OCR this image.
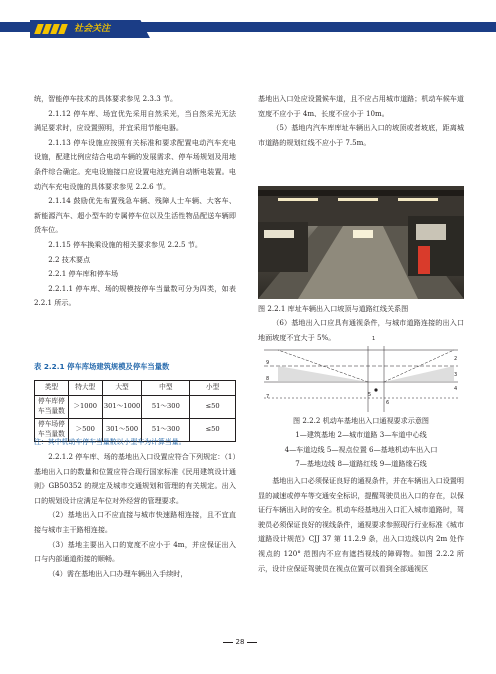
社会关注
统，智能停车技术的具体要求参见 2.3.3 节。
2.1.12 停车库、场宜优先采用自然采光，当自然采光无法满足要求时，应设置照明，并宜采用节能电器。
2.1.13 停车设施应按照有关标准和要求配置电动汽车充电设施，配建比例应结合电动车辆的发展需求、停车场规划及用地条件综合确定。充电设施接口应设置电池充满自动断电装置。电动汽车充电设施的具体要求参见 2.2.6 节。
2.1.14 鼓励优先布置残急车辆、残障人士车辆、大客车、新能源汽车、超小型车的专属停车位以及生活性物品配送车辆即货车位。
2.1.15 停车换乘设施的相关要求参见 2.2.5 节。
2.2 技术要点
2.2.1 停车库和停车场
2.2.1.1 停车库、场的规模按停车当量数可分为四类，如表 2.2.1 所示。
表 2.2.1 停车库场建筑规模及停车当量数
类型	特大型	大型	中型	小型
停车库停车当量数	＞1000	301～1000	51～300	≤50
停车场停车当量数	＞500	301～500	51～300	≤50
注：其中机动车停车当量数以小型车为计算当量。
2.2.1.2 停车库、场的基地出入口设置应符合下列规定：（1）基地出入口的数量和位置应符合现行国家标准《民用建筑设计通则》GB50352 的规定及城市交通规划和管理的有关规定。出入口的规划设计应满足车位对外经营的管理要求。
（2）基地出入口不应直接与城市快速路相连接，且不宜直接与城市主干路相连接。
（3）基地主要出入口的宽度不应小于 4m，并应保证出入口与内部通道衔接的顺畅。
（4）需在基地出入口办理车辆出入手续时，
基地出入口处应设置候车道，且不应占用城市道路；机动车候车道宽度不应小于 4m、长度不应小于 10m。
（5）基地内汽车库库址车辆出入口的坡顶或者坡底，距离城市道路的规划红线不应小于 7.5m。
图 2.2.1 库址车辆出入口坡顶与道路红线关系图
（6）基地出入口应具有通视条件，与城市道路连接的出入口地面坡度不宜大于 5%。	1
2
3
4
5
6
7
8
9
图 2.2.2 机动车基地出入口通视要求示意图
1—建筑基地 2—城市道路 3—车道中心线
4—车道边线 5—视点位置 6—基地机动车出入口
7—基地边线 8—道路红线 9—道路缘石线
基地出入口必须保证良好的通视条件，并在车辆出入口设置明显的减速或停车等交通安全标识，提醒驾驶员出入口的存在，以保证行车辆出入时的安全。机动车经基地出入口汇入城市道路时，驾驶员必须保证良好的视线条件，通视要求参照现行行业标准《城市道路设计规范》CJJ 37 第 11.2.9 条，出入口边线以内 2m 处作视点的 120° 范围内不应有遮挡视线的障碍物。如图 2.2.2 所示，设计应保证驾驶员在视点位置可以看到全部通视区
28
